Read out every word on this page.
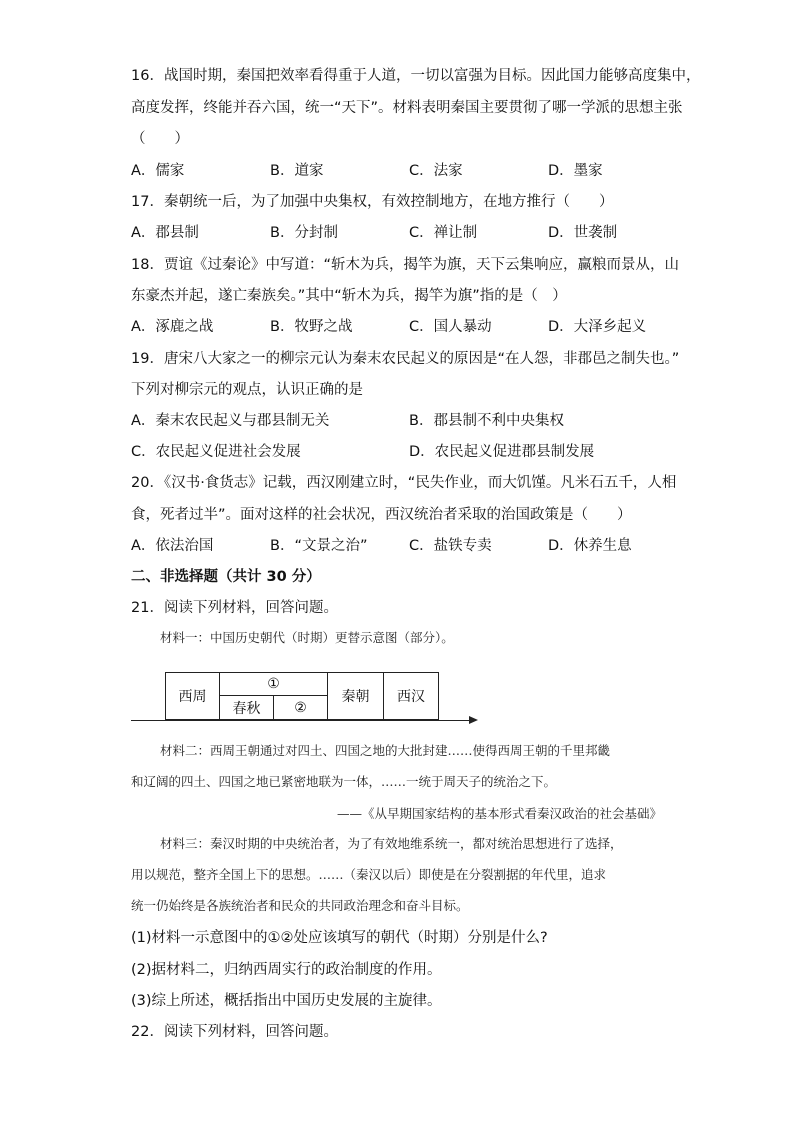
16．战国时期，秦国把效率看得重于人道，一切以富强为目标。因此国力能够高度集中，
高度发挥，终能并吞六国，统一“天下”。材料表明秦国主要贯彻了哪一学派的思想主张
（　　）
A．儒家	B．道家	C．法家	D．墨家
17．秦朝统一后，为了加强中央集权，有效控制地方，在地方推行（　　）
A．郡县制	B．分封制	C．禅让制	D．世袭制
18．贾谊《过秦论》中写道：“斩木为兵，揭竿为旗，天下云集响应，赢粮而景从，山
东豪杰并起，遂亡秦族矣。”其中“斩木为兵，揭竿为旗”指的是（　）
A．涿鹿之战	B．牧野之战	C．国人暴动	D．大泽乡起义
19．唐宋八大家之一的柳宗元认为秦末农民起义的原因是“在人怨，非郡邑之制失也。”
下列对柳宗元的观点，认识正确的是
A．秦末农民起义与郡县制无关	B．郡县制不利中央集权
C．农民起义促进社会发展	D．农民起义促进郡县制发展
20．《汉书·食货志》记载，西汉刚建立时，“民失作业，而大饥馑。凡米石五千，人相
食，死者过半”。面对这样的社会状况，西汉统治者采取的治国政策是（　　）
A．依法治国	B．“文景之治”	C．盐铁专卖	D．休养生息
二、非选择题（共计 30 分）
21．阅读下列材料，回答问题。
材料一：中国历史朝代（时期）更替示意图（部分）。
西周
①
春秋	②
秦朝	西汉
材料二：西周王朝通过对四土、四国之地的大批封建……使得西周王朝的千里邦畿
和辽阔的四土、四国之地已紧密地联为一体，……一统于周天子的统治之下。
——《从早期国家结构的基本形式看秦汉政治的社会基础》
材料三：秦汉时期的中央统治者，为了有效地维系统一，都对统治思想进行了选择，
用以规范，整齐全国上下的思想。……（秦汉以后）即使是在分裂割据的年代里，追求
统一仍始终是各族统治者和民众的共同政治理念和奋斗目标。
(1)材料一示意图中的①②处应该填写的朝代（时期）分别是什么?
(2)据材料二，归纳西周实行的政治制度的作用。
(3)综上所述，概括指出中国历史发展的主旋律。
22．阅读下列材料，回答问题。
